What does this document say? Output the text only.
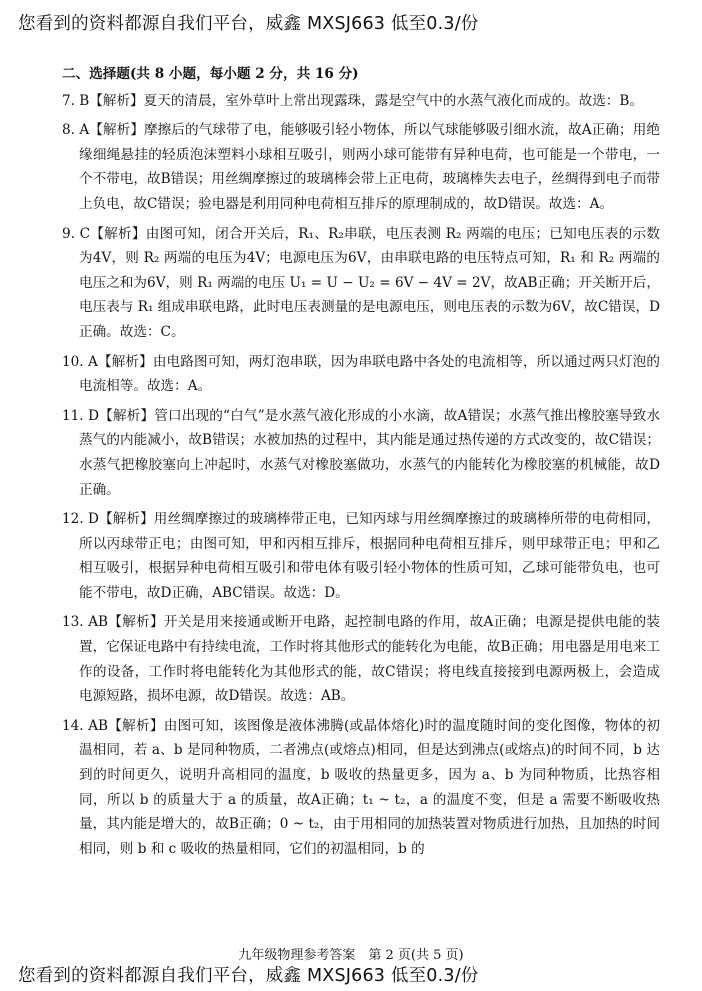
您看到的资料都源自我们平台，威鑫 MXSJ663 低至0.3/份
二、选择题(共 8 小题，每小题 2 分，共 16 分)

7. B【解析】夏天的清晨，室外草叶上常出现露珠，露是空气中的水蒸气液化而成的。故选：B。

8. A【解析】摩擦后的气球带了电，能够吸引轻小物体，所以气球能够吸引细水流，故A正确；用绝缘细绳悬挂的轻质泡沫塑料小球相互吸引，则两小球可能带有异种电荷，也可能是一个带电，一个不带电，故B错误；用丝绸摩擦过的玻璃棒会带上正电荷，玻璃棒失去电子，丝绸得到电子而带上负电，故C错误；验电器是利用同种电荷相互排斥的原理制成的，故D错误。故选：A。

9. C【解析】由图可知，闭合开关后，R₁、R₂串联，电压表测 R₂ 两端的电压；已知电压表的示数为4V，则 R₂ 两端的电压为4V；电源电压为6V，由串联电路的电压特点可知，R₁ 和 R₂ 两端的电压之和为6V，则 R₁ 两端的电压 U₁ = U − U₂ = 6V − 4V = 2V，故AB正确；开关断开后，电压表与 R₁ 组成串联电路，此时电压表测量的是电源电压，则电压表的示数为6V，故C错误，D正确。故选：C。

10. A【解析】由电路图可知，两灯泡串联，因为串联电路中各处的电流相等，所以通过两只灯泡的电流相等。故选：A。

11. D【解析】管口出现的“白气”是水蒸气液化形成的小水滴，故A错误；水蒸气推出橡胶塞导致水蒸气的内能减小，故B错误；水被加热的过程中，其内能是通过热传递的方式改变的，故C错误；水蒸气把橡胶塞向上冲起时，水蒸气对橡胶塞做功，水蒸气的内能转化为橡胶塞的机械能，故D正确。

12. D【解析】用丝绸摩擦过的玻璃棒带正电，已知丙球与用丝绸摩擦过的玻璃棒所带的电荷相同，所以丙球带正电；由图可知，甲和丙相互排斥，根据同种电荷相互排斥，则甲球带正电；甲和乙相互吸引，根据异种电荷相互吸引和带电体有吸引轻小物体的性质可知，乙球可能带负电，也可能不带电，故D正确，ABC错误。故选：D。

13. AB【解析】开关是用来接通或断开电路，起控制电路的作用，故A正确；电源是提供电能的装置，它保证电路中有持续电流，工作时将其他形式的能转化为电能，故B正确；用电器是用电来工作的设备，工作时将电能转化为其他形式的能，故C错误；将电线直接接到电源两极上，会造成电源短路，损坏电源，故D错误。故选：AB。

14. AB【解析】由图可知，该图像是液体沸腾(或晶体熔化)时的温度随时间的变化图像，物体的初温相同，若 a、b 是同种物质，二者沸点(或熔点)相同，但是达到沸点(或熔点)的时间不同，b 达到的时间更久，说明升高相同的温度，b 吸收的热量更多，因为 a、b 为同种物质，比热容相同，所以 b 的质量大于 a 的质量，故A正确；t₁ ~ t₂，a 的温度不变，但是 a 需要不断吸收热量，其内能是增大的，故B正确；0 ~ t₂，由于用相同的加热装置对物质进行加热，且加热的时间相同，则 b 和 c 吸收的热量相同，它们的初温相同，b 的

九年级物理参考答案　第 2 页(共 5 页)
您看到的资料都源自我们平台，威鑫 MXSJ663 低至0.3/份
